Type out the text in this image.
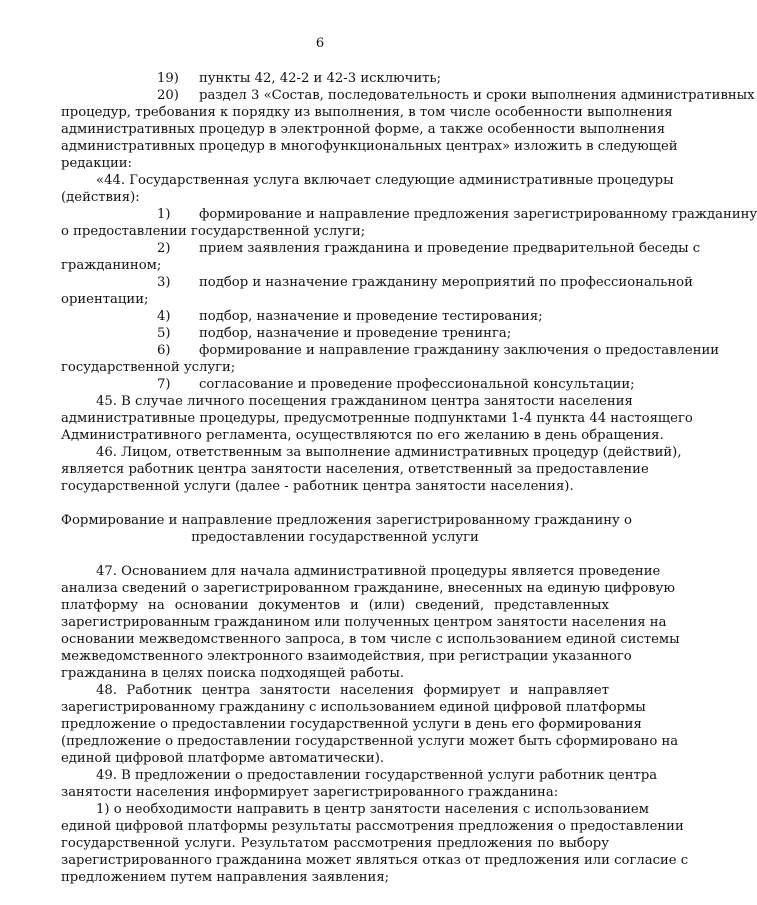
6
19)	пункты 42, 42-2 и 42-3 исключить;
20)	раздел 3 «Состав, последовательность и сроки выполнения административных
процедур, требования к порядку из выполнения, в том числе особенности выполнения
административных процедур в электронной форме, а также особенности выполнения
административных процедур в многофункциональных центрах» изложить в следующей
редакции:
«44. Государственная услуга включает следующие административные процедуры
(действия):
1)	формирование и направление предложения зарегистрированному гражданину
о предоставлении государственной услуги;
2)	прием заявления гражданина и проведение предварительной беседы с
гражданином;
3)	подбор и назначение гражданину мероприятий по профессиональной
ориентации;
4)	подбор, назначение и проведение тестирования;
5)	подбор, назначение и проведение тренинга;
6)	формирование и направление гражданину заключения о предоставлении
государственной услуги;
7)	согласование и проведение профессиональной консультации;
45. В случае личного посещения гражданином центра занятости населения
административные процедуры, предусмотренные подпунктами 1-4 пункта 44 настоящего
Административного регламента, осуществляются по его желанию в день обращения.
46. Лицом, ответственным за выполнение административных процедур (действий),
является работник центра занятости населения, ответственный за предоставление
государственной услуги (далее - работник центра занятости населения).
Формирование и направление предложения зарегистрированному гражданину о
предоставлении государственной услуги
47. Основанием для начала административной процедуры является проведение
анализа сведений о зарегистрированном гражданине, внесенных на единую цифровую
платформу на основании документов и (или) сведений, представленных
зарегистрированным гражданином или полученных центром занятости населения на
основании межведомственного запроса, в том числе с использованием единой системы
межведомственного электронного взаимодействия, при регистрации указанного
гражданина в целях поиска подходящей работы.
48. Работник центра занятости населения формирует и направляет
зарегистрированному гражданину с использованием единой цифровой платформы
предложение о предоставлении государственной услуги в день его формирования
(предложение о предоставлении государственной услуги может быть сформировано на
единой цифровой платформе автоматически).
49. В предложении о предоставлении государственной услуги работник центра
занятости населения информирует зарегистрированного гражданина:
1) о необходимости направить в центр занятости населения с использованием
единой цифровой платформы результаты рассмотрения предложения о предоставлении
государственной услуги. Результатом рассмотрения предложения по выбору
зарегистрированного гражданина может являться отказ от предложения или согласие с
предложением путем направления заявления;
